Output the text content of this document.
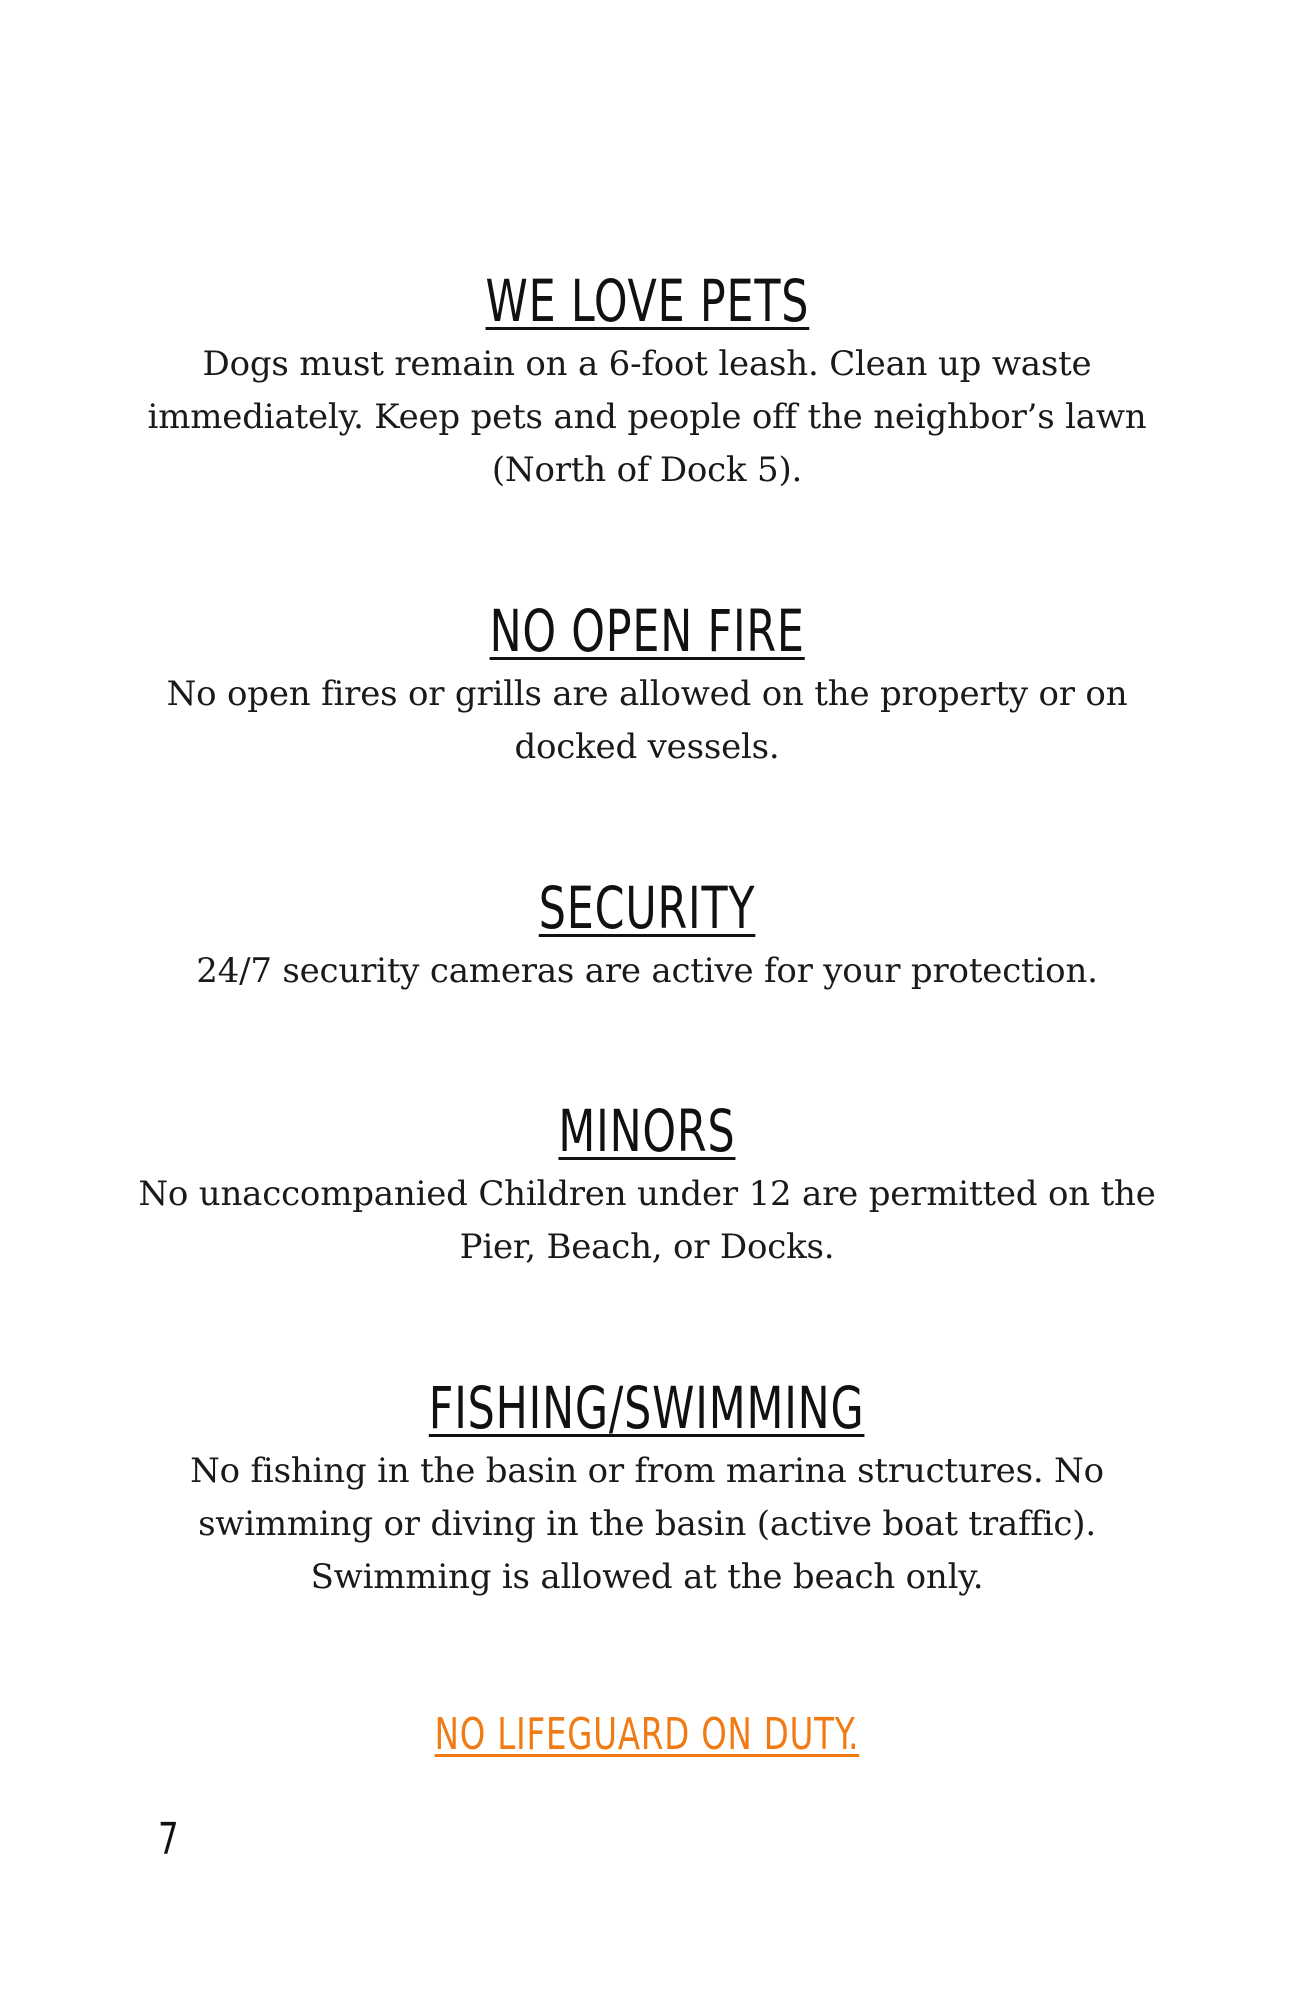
WE LOVE PETS

Dogs must remain on a 6-foot leash. Clean up waste immediately. Keep pets and people off the neighbor’s lawn (North of Dock 5).

NO OPEN FIRE

No open fires or grills are allowed on the property or on docked vessels.

SECURITY

24/7 security cameras are active for your protection.

MINORS

No unaccompanied Children under 12 are permitted on the Pier, Beach, or Docks.

FISHING/SWIMMING

No fishing in the basin or from marina structures. No swimming or diving in the basin (active boat traffic). Swimming is allowed at the beach only.

NO LIFEGUARD ON DUTY.
7
